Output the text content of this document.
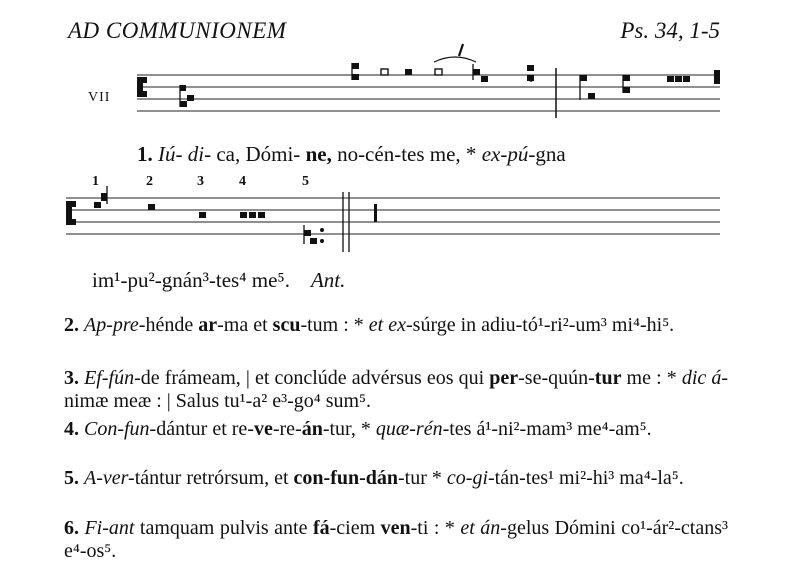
AD COMMUNIONEM	Ps. 34, 1-5
VII
1. Iú- di- ca, Dómi- ne, no-cén-tes me, * ex-pú-gna
1	2	3	4	5
im¹-pu²-gnán³-tes⁴ me⁵. Ant.
2. Ap-pre-hénde ar-ma et scu-tum : * et ex-súrge in adiu-tó¹-ri²-um³ mi⁴-hi⁵.
3. Ef-fún-de frámeam, | et conclúde advérsus eos qui per-se-quún-tur me : * dic á-nimæ meæ : | Salus tu¹-a² e³-go⁴ sum⁵.
4. Con-fun-dántur et re-ve-re-án-tur, * quæ-rén-tes á¹-ni²-mam³ me⁴-am⁵.
5. A-ver-tántur retrórsum, et con-fun-dán-tur * co-gi-tán-tes¹ mi²-hi³ ma⁴-la⁵.
6. Fi-ant tamquam pulvis ante fá-ciem ven-ti : * et án-gelus Dómini co¹-ár²-ctans³ e⁴-os⁵.
